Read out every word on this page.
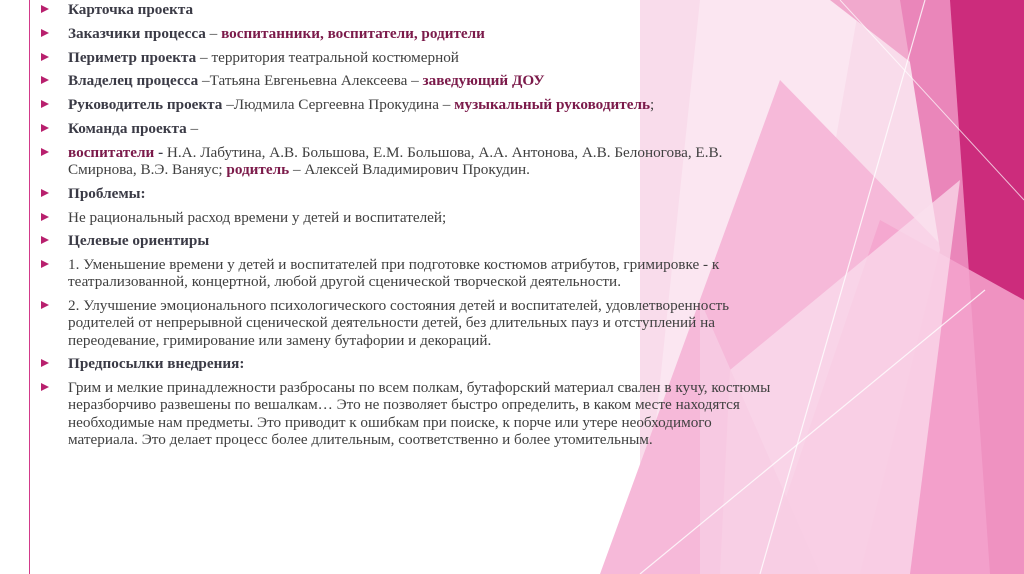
Карточка проекта
Заказчики процесса – воспитанники, воспитатели, родители
Периметр проекта – территория театральной костюмерной
Владелец процесса –Татьяна Евгеньевна Алексеева – заведующий ДОУ
Руководитель проекта –Людмила Сергеевна Прокудина – музыкальный руководитель;
Команда проекта –
воспитатели - Н.А. Лабутина, А.В. Большова, Е.М. Большова, А.А. Антонова, А.В. Белоногова, Е.В. Смирнова, В.Э. Ваняус; родитель – Алексей Владимирович Прокудин.
Проблемы:
Не рациональный расход времени у детей и воспитателей;
Целевые ориентиры
1. Уменьшение времени у детей и воспитателей при подготовке костюмов атрибутов, гримировке - к театрализованной, концертной, любой другой сценической творческой деятельности.
2. Улучшение эмоционального психологического состояния детей и воспитателей, удовлетворенность родителей от непрерывной сценической деятельности детей, без длительных пауз и отступлений на переодевание, гримирование или замену бутафории и декораций.
Предпосылки внедрения:
Грим и мелкие принадлежности разбросаны по всем полкам, бутафорский материал свален в кучу, костюмы неразборчиво развешены по вешалкам… Это не позволяет быстро определить, в каком месте находятся необходимые нам предметы. Это приводит к ошибкам при поиске, к порче или утере необходимого материала. Это делает процесс более длительным, соответственно и более утомительным.
